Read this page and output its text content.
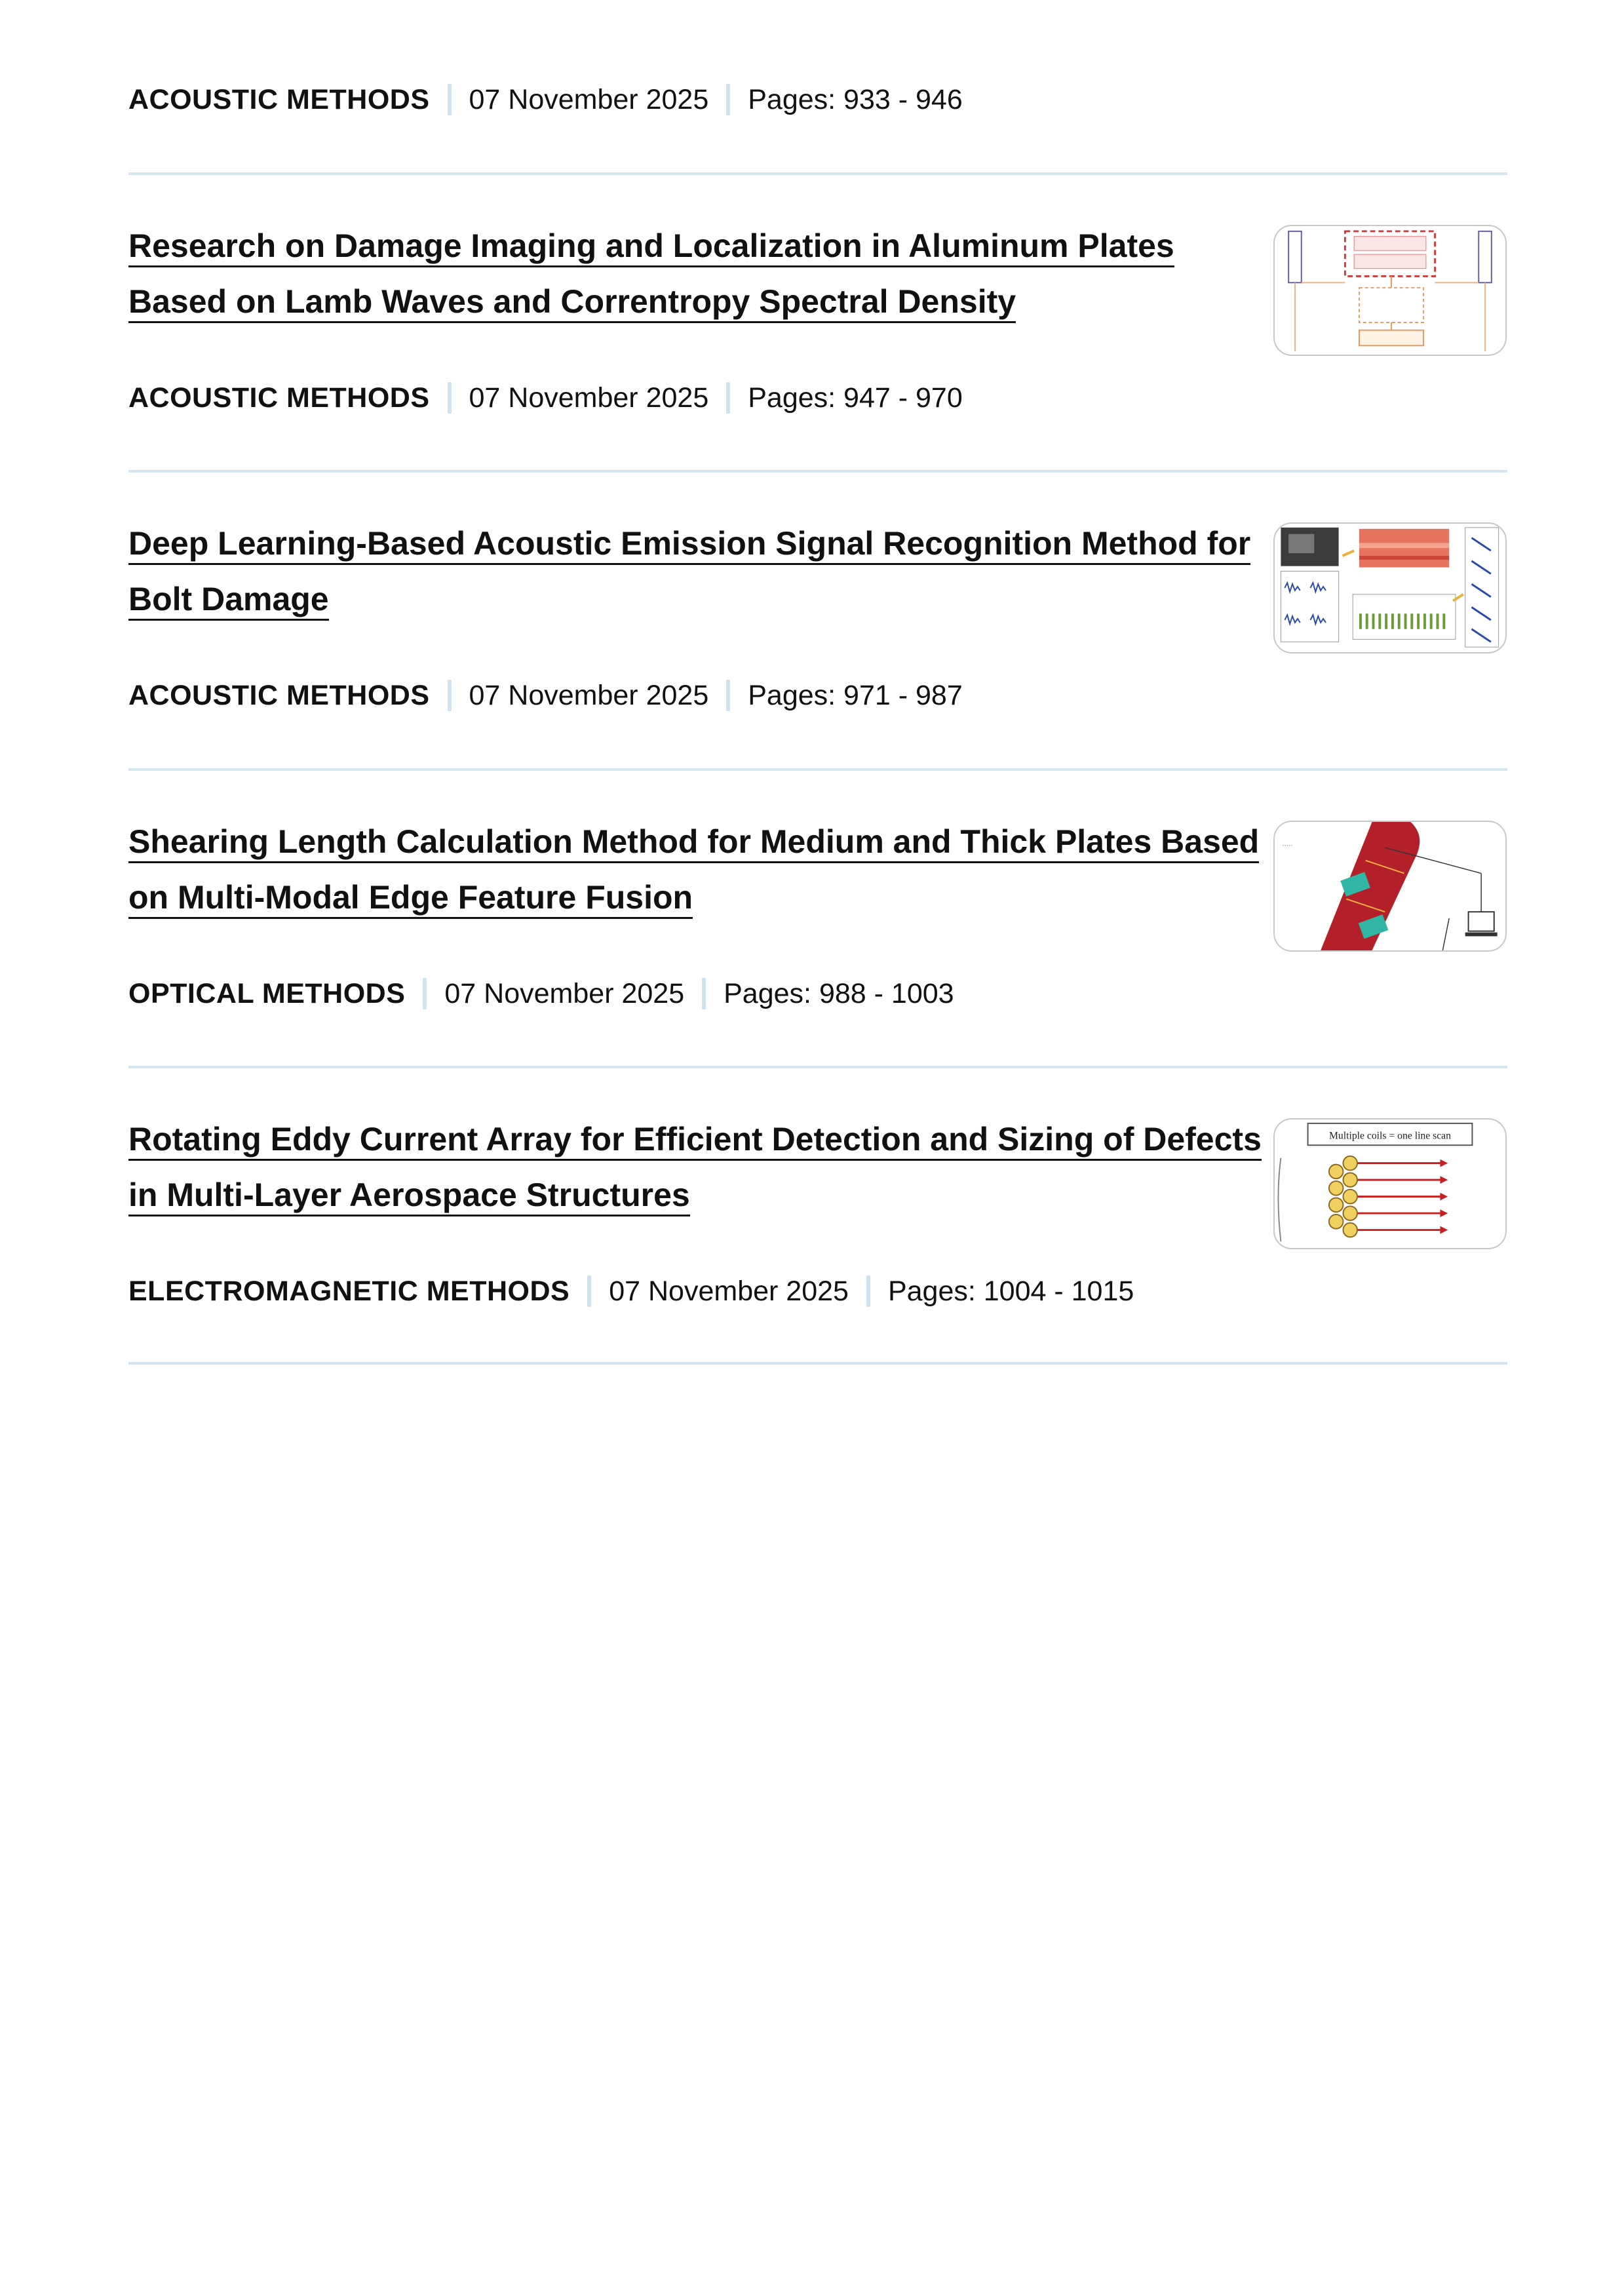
ACOUSTIC METHODS 07 November 2025 Pages: 933 - 946
Research on Damage Imaging and Localization in Aluminum Plates
Based on Lamb Waves and Correntropy Spectral Density
ACOUSTIC METHODS 07 November 2025 Pages: 947 - 970
Deep Learning-Based Acoustic Emission Signal Recognition Method for
Bolt Damage
ACOUSTIC METHODS 07 November 2025 Pages: 971 - 987
Shearing Length Calculation Method for Medium and Thick Plates Based
on Multi-Modal Edge Feature Fusion
·····
OPTICAL METHODS 07 November 2025 Pages: 988 - 1003
Rotating Eddy Current Array for Efficient Detection and Sizing of Defects
in Multi-Layer Aerospace Structures
Multiple coils = one line scan
ELECTROMAGNETIC METHODS 07 November 2025 Pages: 1004 - 1015
